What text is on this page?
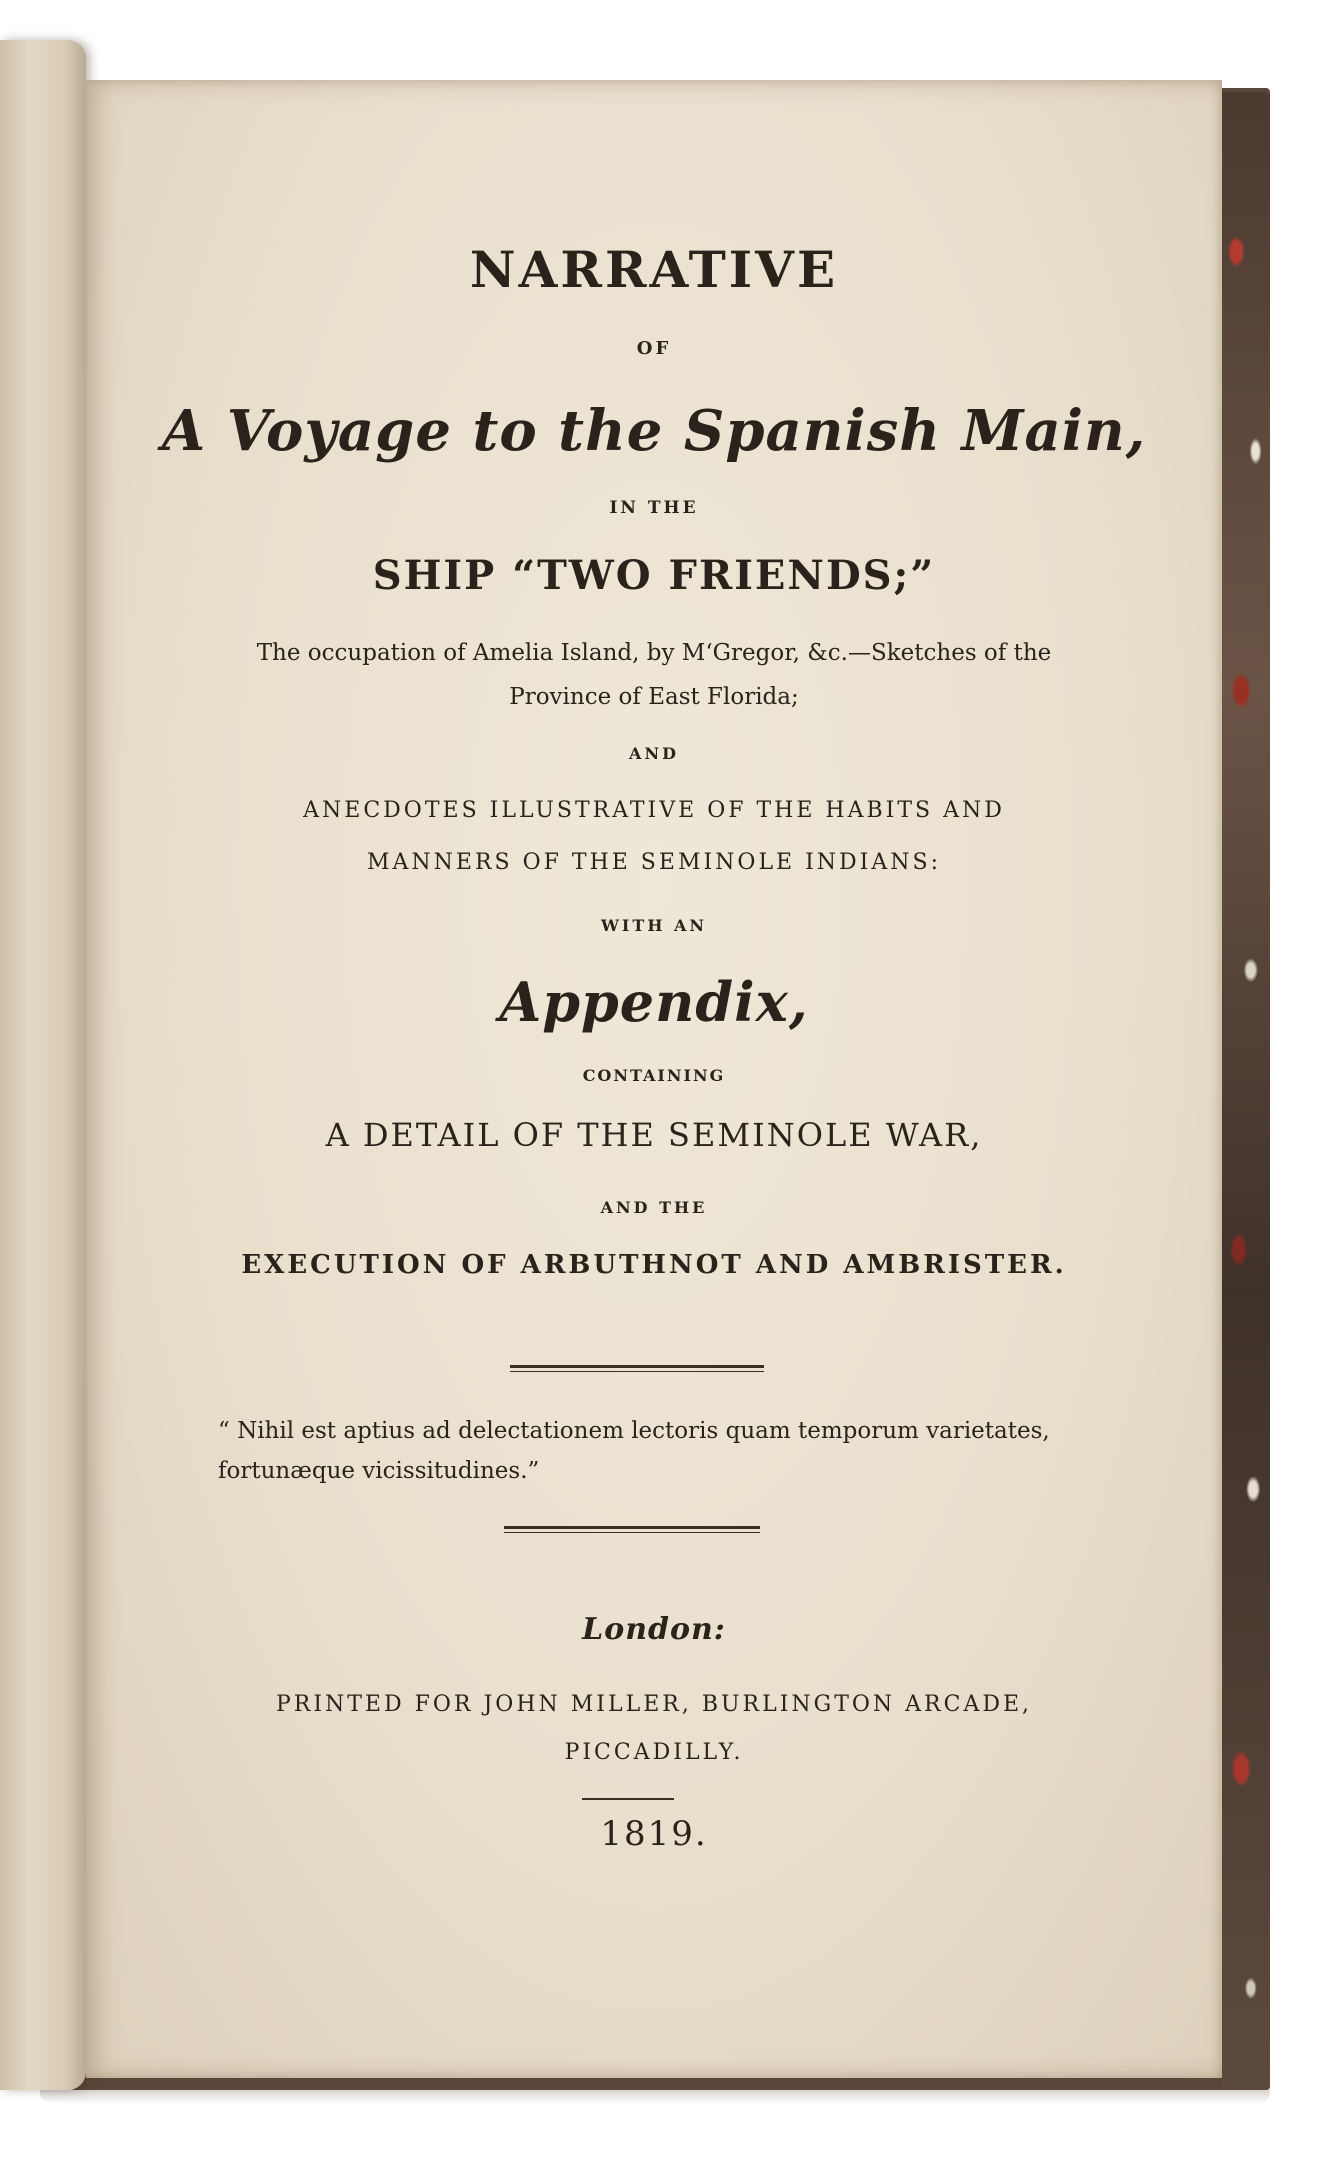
NARRATIVE
OF
A Voyage to the Spanish Main,
IN THE
SHIP “TWO FRIENDS;”
The occupation of Amelia Island, by M‘Gregor, &c.—Sketches of the
Province of East Florida;
AND
ANECDOTES ILLUSTRATIVE OF THE HABITS AND
MANNERS OF THE SEMINOLE INDIANS:
WITH AN
Appendix,
CONTAINING
A DETAIL OF THE SEMINOLE WAR,
AND THE
EXECUTION OF ARBUTHNOT AND AMBRISTER.
“ Nihil est aptius ad delectationem lectoris quam temporum varietates,
fortunæque vicissitudines.”
London:
PRINTED FOR JOHN MILLER, BURLINGTON ARCADE,
PICCADILLY.
1819.
